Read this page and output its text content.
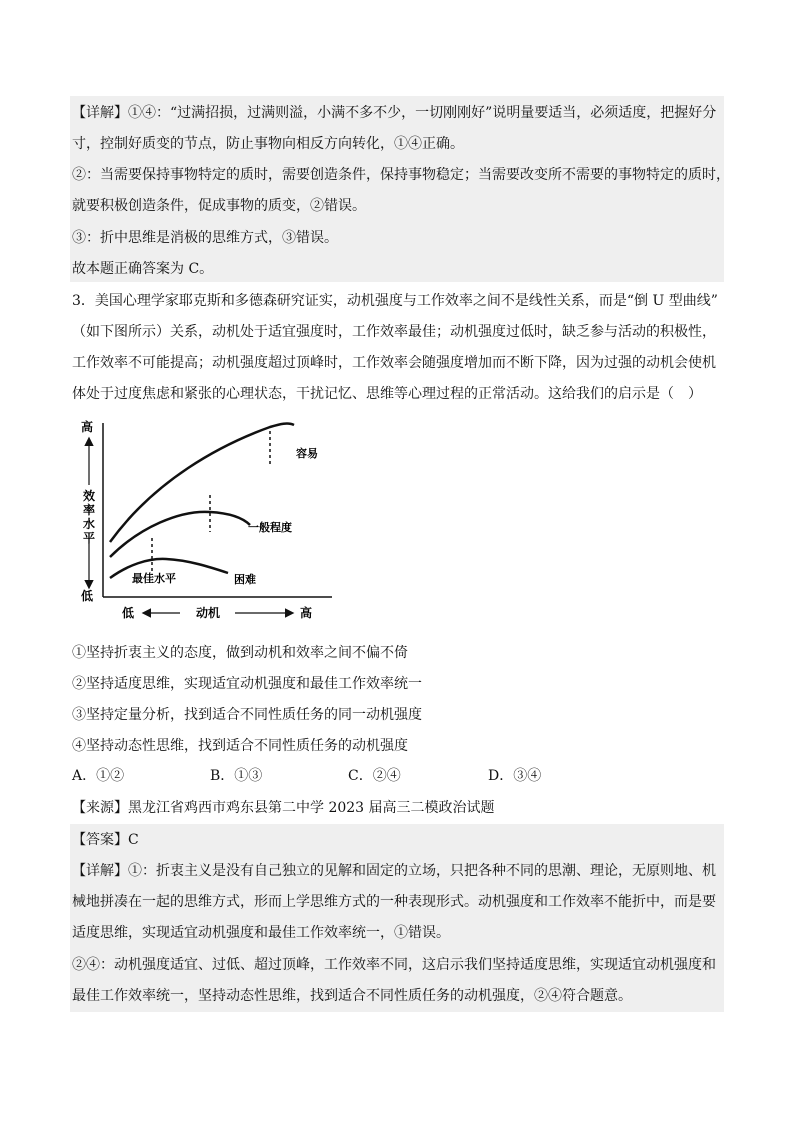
【详解】①④：“过满招损，过满则溢，小满不多不少，一切刚刚好”说明量要适当，必须适度，把握好分
寸，控制好质变的节点，防止事物向相反方向转化，①④正确。
②：当需要保持事物特定的质时，需要创造条件，保持事物稳定；当需要改变所不需要的事物特定的质时，
就要积极创造条件，促成事物的质变，②错误。
③：折中思维是消极的思维方式，③错误。
故本题正确答案为 C。
3．美国心理学家耶克斯和多德森研究证实，动机强度与工作效率之间不是线性关系，而是“倒 U 型曲线”
（如下图所示）关系，动机处于适宜强度时，工作效率最佳；动机强度过低时，缺乏参与活动的积极性，
工作效率不可能提高；动机强度超过顶峰时，工作效率会随强度增加而不断下降，因为过强的动机会使机
体处于过度焦虑和紧张的心理状态，干扰记忆、思维等心理过程的正常活动。这给我们的启示是（　）
高
低
效
率
水
平
容易
一般程度
困难
最佳水平
低	动机	高
①坚持折衷主义的态度，做到动机和效率之间不偏不倚
②坚持适度思维，实现适宜动机强度和最佳工作效率统一
③坚持定量分析，找到适合不同性质任务的同一动机强度
④坚持动态性思维，找到适合不同性质任务的动机强度
A．①②	B．①③	C．②④	D．③④
【来源】黑龙江省鸡西市鸡东县第二中学 2023 届高三二模政治试题
【答案】C
【详解】①：折衷主义是没有自己独立的见解和固定的立场，只把各种不同的思潮、理论，无原则地、机
械地拼凑在一起的思维方式，形而上学思维方式的一种表现形式。动机强度和工作效率不能折中，而是要
适度思维，实现适宜动机强度和最佳工作效率统一，①错误。
②④：动机强度适宜、过低、超过顶峰，工作效率不同，这启示我们坚持适度思维，实现适宜动机强度和
最佳工作效率统一，坚持动态性思维，找到适合不同性质任务的动机强度，②④符合题意。
